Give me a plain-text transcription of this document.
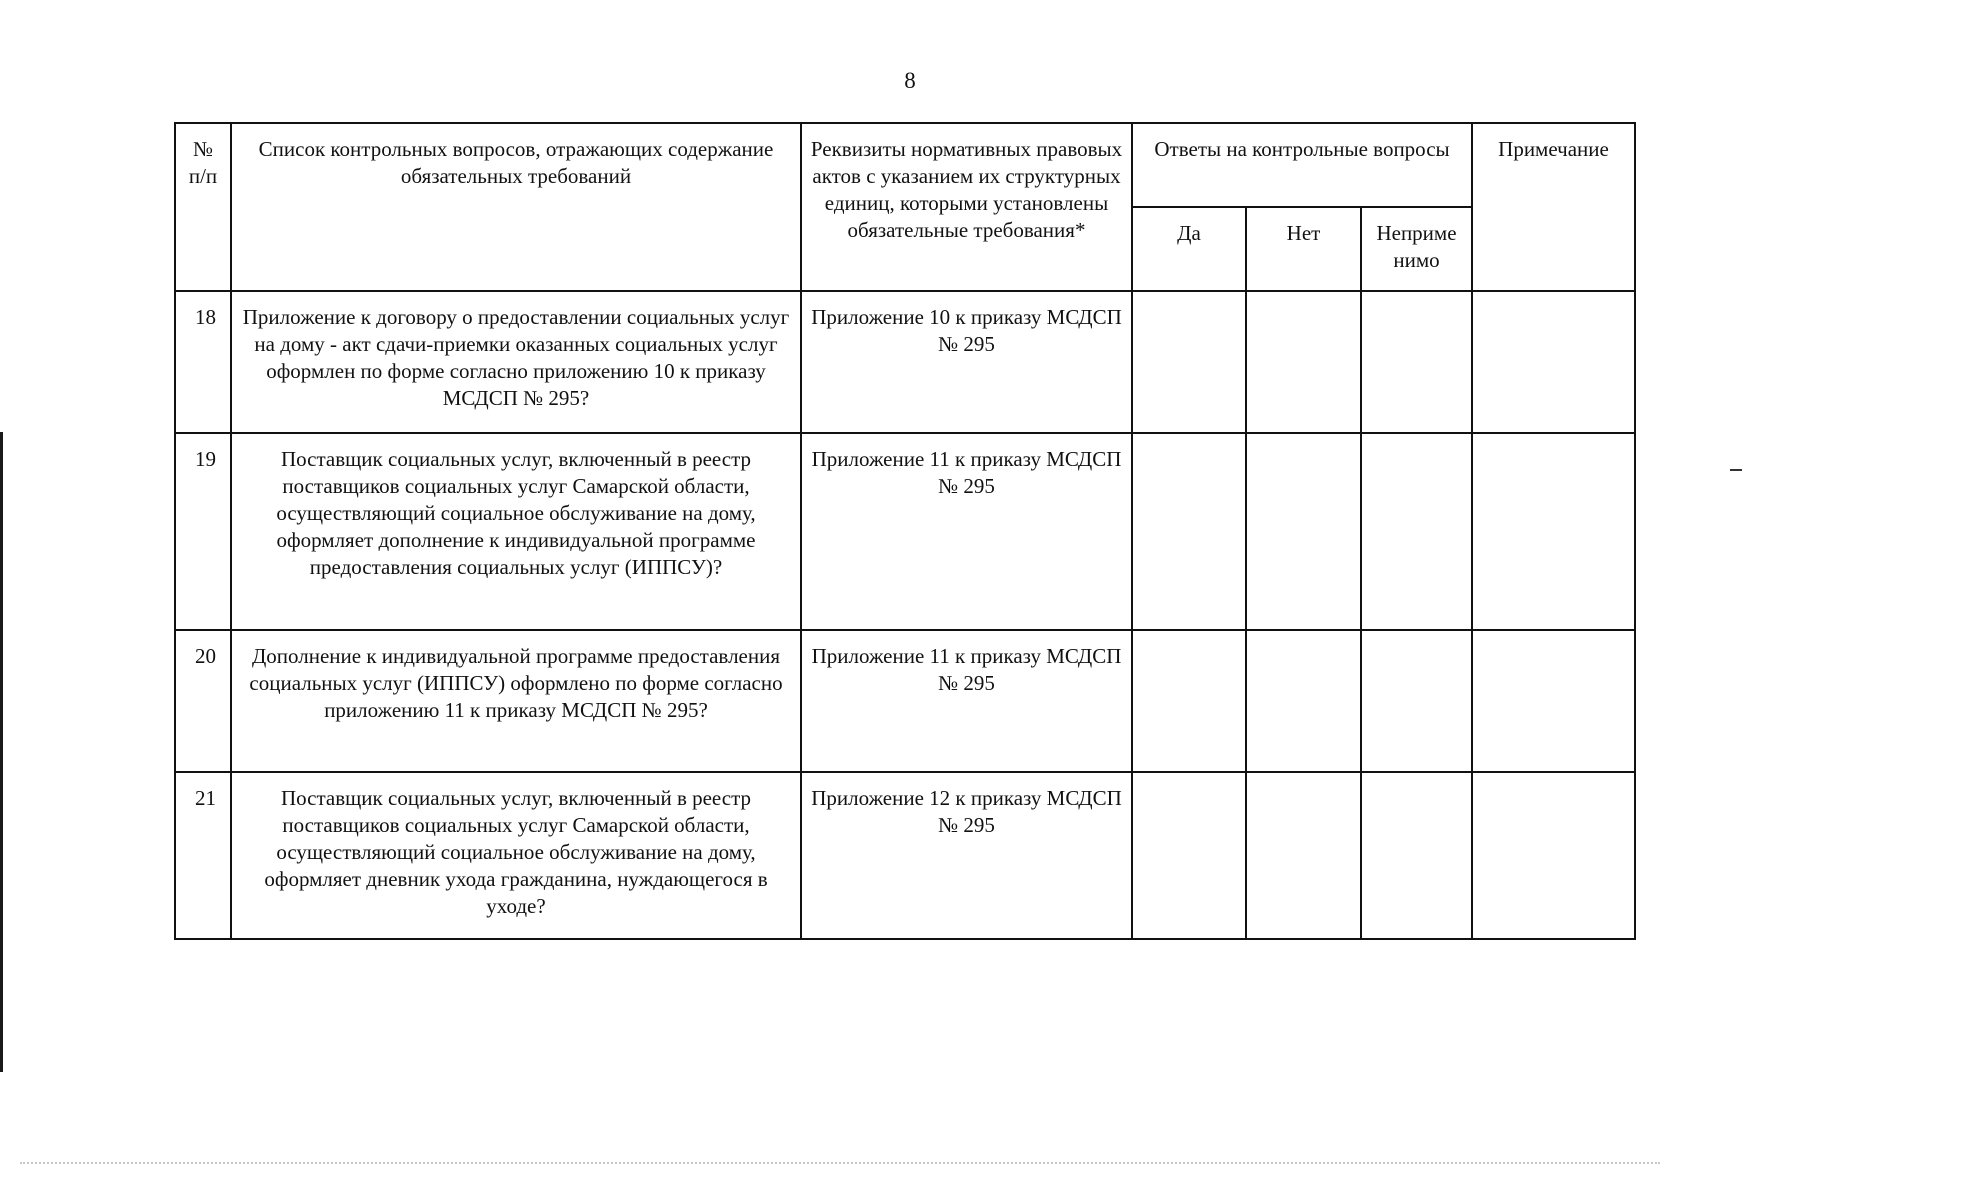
8
№ п/п	Список контрольных вопросов, отражающих содержание обязательных требований	Реквизиты нормативных правовых актов с указанием их структурных единиц, которыми установлены обязательные требования*	Ответы на контрольные вопросы			Примечание
			Да	Нет	Неприме нимо	
18	Приложение к договору о предоставлении социальных услуг на дому - акт сдачи-приемки оказанных социальных услуг оформлен по форме согласно приложению 10 к приказу МСДСП № 295?	Приложение 10 к приказу МСДСП № 295				
19	Поставщик социальных услуг, включенный в реестр поставщиков социальных услуг Самарской области, осуществляющий социальное обслуживание на дому, оформляет дополнение к индивидуальной программе предоставления социальных услуг (ИППСУ)?	Приложение 11 к приказу МСДСП № 295				
20	Дополнение к индивидуальной программе предоставления социальных услуг (ИППСУ) оформлено по форме согласно приложению 11 к приказу МСДСП № 295?	Приложение 11 к приказу МСДСП № 295				
21	Поставщик социальных услуг, включенный в реестр поставщиков социальных услуг Самарской области, осуществляющий социальное обслуживание на дому, оформляет дневник ухода гражданина, нуждающегося в уходе?	Приложение 12 к приказу МСДСП № 295				
